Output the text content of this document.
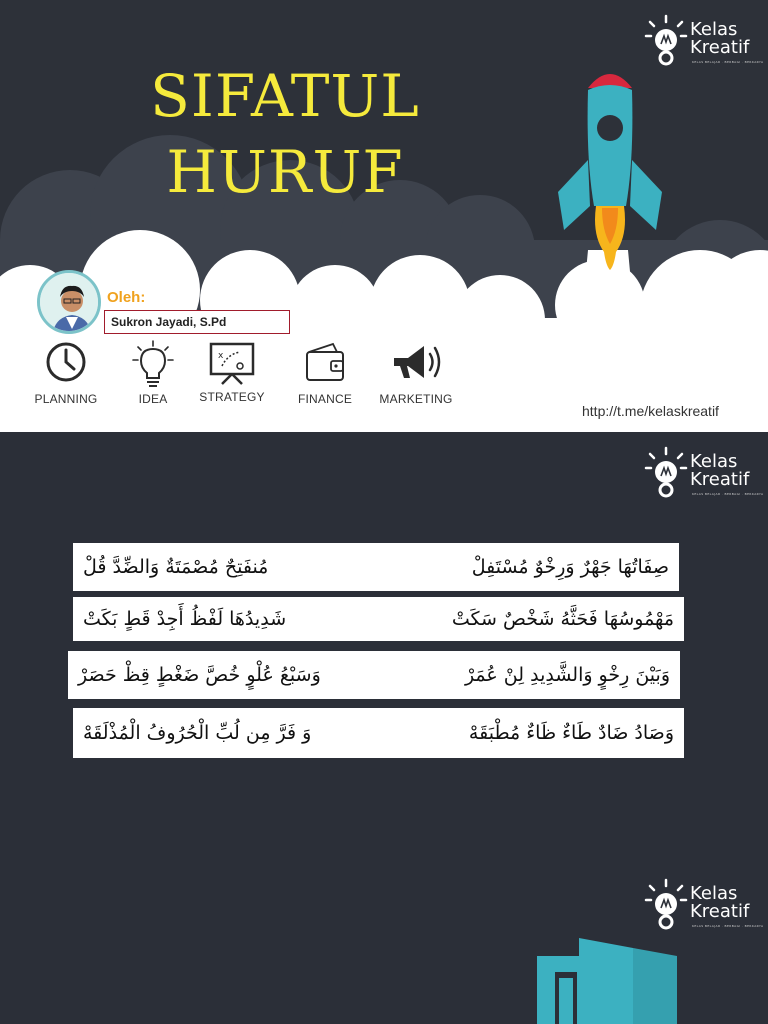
SIFATUL
HURUF
Kelas
Kreatif
KELAS BELAJAR · BERBAGI · BERKARYA
Oleh:
Sukron Jayadi, S.Pd
PLANNING	IDEA
x
STRATEGY	FINANCE	MARKETING
http://t.me/kelaskreatif
Kelas
Kreatif
KELAS BELAJAR · BERBAGI · BERKARYA
صِفَاتُهَا جَهْرٌ وَرِخْوٌ مُسْتَفِلْ
مُنفَتِحٌ مُصْمَتَةٌ وَالضِّدَّ قُلْ
مَهْمُوسُهَا فَحَثَّهُ شَخْصٌ سَكَتْ
شَدِيدُهَا لَفْظُ أَجِدْ قَطٍ بَكَتْ
وَبَيْنَ رِخْوٍ وَالشَّدِيدِ لِنْ عُمَرْ
وَسَبْعُ عُلْوٍ خُصَّ ضَغْطٍ قِظْ حَصَرْ
وَصَادُ ضَادٌ طَاءٌ ظَاءٌ مُطْبَقَهْ
وَ فَرَّ مِن لُبِّ الْحُرُوفُ الْمُذْلَقَهْ
Kelas
Kreatif
KELAS BELAJAR · BERBAGI · BERKARYA
